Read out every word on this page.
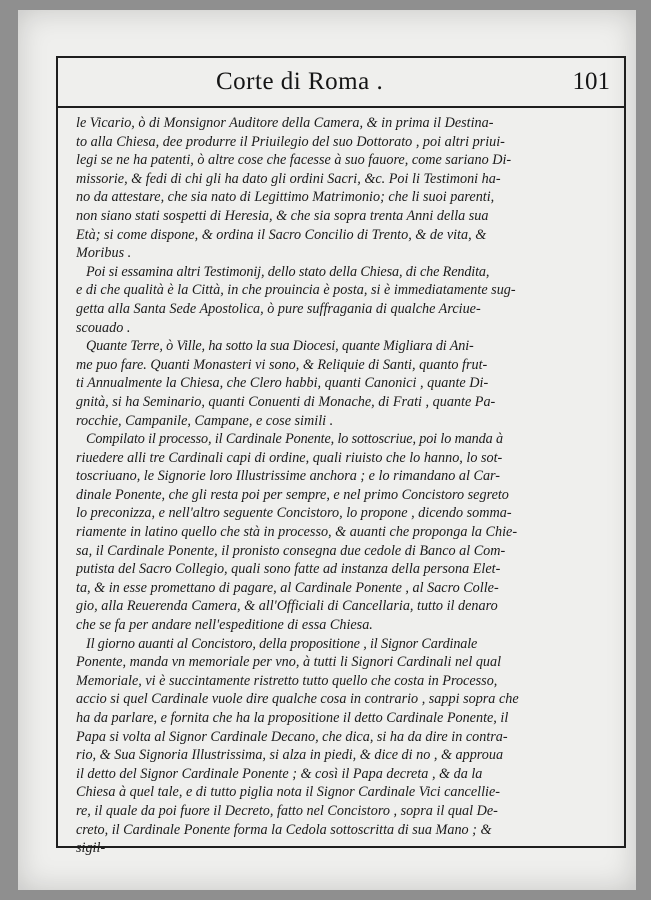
Corte di Roma .	101
le Vicario, ò di Monsignor Auditore della Camera, & in prima il Destina-
to alla Chiesa, dee produrre il Priuilegio del suo Dottorato , poi altri priui-
legi se ne ha patenti, ò altre cose che facesse à suo fauore, come sariano Di-
missorie, & fedi di chi gli ha dato gli ordini Sacri, &c. Poi li Testimoni ha-
no da attestare, che sia nato di Legittimo Matrimonio; che li suoi parenti,
non siano stati sospetti di Heresia, & che sia sopra trenta Anni della sua
Età; si come dispone, & ordina il Sacro Concilio di Trento, & de vita, &
Moribus .
Poi si essamina altri Testimonij, dello stato della Chiesa, di che Rendita,
e di che qualità è la Città, in che prouincia è posta, si è immediatamente sug-
getta alla Santa Sede Apostolica, ò pure suffragania di qualche Arciue-
scouado .
Quante Terre, ò Ville, ha sotto la sua Diocesi, quante Migliara di Ani-
me puo fare. Quanti Monasteri vi sono, & Reliquie di Santi, quanto frut-
ti Annualmente la Chiesa, che Clero habbi, quanti Canonici , quante Di-
gnità, si ha Seminario, quanti Conuenti di Monache, di Frati , quante Pa-
rocchie, Campanile, Campane, e cose simili .
Compilato il processo, il Cardinale Ponente, lo sottoscriue, poi lo manda à
riuedere alli tre Cardinali capi di ordine, quali riuisto che lo hanno, lo sot-
toscriuano, le Signorie loro Illustrissime anchora ; e lo rimandano al Car-
dinale Ponente, che gli resta poi per sempre, e nel primo Concistoro segreto
lo preconizza, e nell'altro seguente Concistoro, lo propone , dicendo somma-
riamente in latino quello che stà in processo, & auanti che proponga la Chie-
sa, il Cardinale Ponente, il pronisto consegna due cedole di Banco al Com-
putista del Sacro Collegio, quali sono fatte ad instanza della persona Elet-
ta, & in esse promettano di pagare, al Cardinale Ponente , al Sacro Colle-
gio, alla Reuerenda Camera, & all'Officiali di Cancellaria, tutto il denaro
che se fa per andare nell'espeditione di essa Chiesa.
Il giorno auanti al Concistoro, della propositione , il Signor Cardinale
Ponente, manda vn memoriale per vno, à tutti li Signori Cardinali nel qual
Memoriale, vi è succintamente ristretto tutto quello che costa in Processo,
accio si quel Cardinale vuole dire qualche cosa in contrario , sappi sopra che
ha da parlare, e fornita che ha la propositione il detto Cardinale Ponente, il
Papa si volta al Signor Cardinale Decano, che dica, si ha da dire in contra-
rio, & Sua Signoria Illustrissima, si alza in piedi, & dice di no , & approua
il detto del Signor Cardinale Ponente ; & così il Papa decreta , & da la
Chiesa à quel tale, e di tutto piglia nota il Signor Cardinale Vici cancellie-
re, il quale da poi fuore il Decreto, fatto nel Concistoro , sopra il qual De-
creto, il Cardinale Ponente forma la Cedola sottoscritta di sua Mano ; &
sigil-
